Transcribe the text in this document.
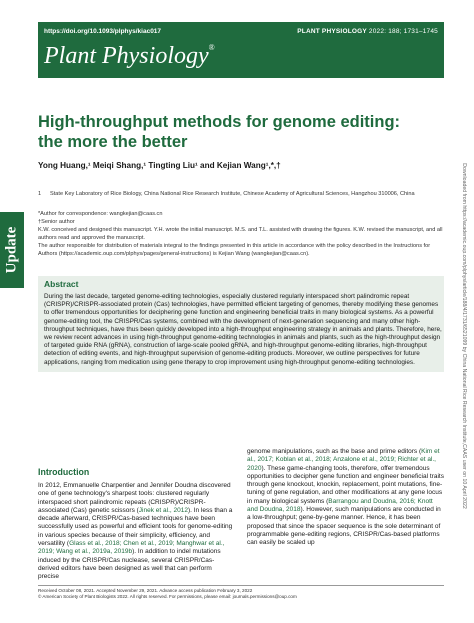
https://doi.org/10.1093/plphys/kiac017	PLANT PHYSIOLOGY 2022: 188; 1731–1745
Plant Physiology®
Update
High-throughput methods for genome editing: the more the better
Yong Huang,¹ Meiqi Shang,¹ Tingting Liu¹ and Kejian Wang¹,*,†
1 State Key Laboratory of Rice Biology, China National Rice Research Institute, Chinese Academy of Agricultural Sciences, Hangzhou 310006, China

*Author for correspondence: wangkejian@caas.cn

†Senior author

K.W. conceived and designed this manuscript. Y.H. wrote the initial manuscript. M.S. and T.L. assisted with drawing the figures. K.W. revised the manuscript, and all authors read and approved the manuscript.

The author responsible for distribution of materials integral to the findings presented in this article in accordance with the policy described in the Instructions for Authors (https://academic.oup.com/plphys/pages/general-instructions) is Kejian Wang (wangkejian@caas.cn).	Downloaded from https://academic.oup.com/plphys/article/188/4/1731/6521099 by China National Rice Research Institute,CAAS user on 10 April 2022
Abstract
During the last decade, targeted genome-editing technologies, especially clustered regularly interspaced short palindromic repeat (CRISPR)/CRISPR-associated protein (Cas) technologies, have permitted efficient targeting of genomes, thereby modifying these genomes to offer tremendous opportunities for deciphering gene function and engineering beneficial traits in many biological systems. As a powerful genome-editing tool, the CRISPR/Cas systems, combined with the development of next-generation sequencing and many other high-throughput techniques, have thus been quickly developed into a high-throughput engineering strategy in animals and plants. Therefore, here, we review recent advances in using high-throughput genome-editing technologies in animals and plants, such as the high-throughput design of targeted guide RNA (gRNA), construction of large-scale pooled gRNA, and high-throughput genome-editing libraries, high-throughput detection of editing events, and high-throughput supervision of genome-editing products. Moreover, we outline perspectives for future applications, ranging from medication using gene therapy to crop improvement using high-throughput genome-editing technologies.
Introduction

In 2012, Emmanuelle Charpentier and Jennifer Doudna discovered one of gene technology's sharpest tools: clustered regularly interspaced short palindromic repeats (CRISPR)/CRISPR-associated (Cas) genetic scissors (Jinek et al., 2012). In less than a decade afterward, CRISPR/Cas-based techniques have been successfully used as powerful and efficient tools for genome-editing in various species because of their simplicity, efficiency, and versatility (Glass et al., 2018; Chen et al., 2019; Manghwar et al., 2019; Wang et al., 2019a, 2019b). In addition to indel mutations induced by the CRISPR/Cas nuclease, several CRISPR/Cas-derived editors have been designed as well that can perform precise

genome manipulations, such as the base and prime editors (Kim et al., 2017; Koblan et al., 2018; Anzalone et al., 2019; Richter et al., 2020). These game-changing tools, therefore, offer tremendous opportunities to decipher gene function and engineer beneficial traits through gene knockout, knockin, replacement, point mutations, fine-tuning of gene regulation, and other modifications at any gene locus in many biological systems (Barrangou and Doudna, 2016; Knott and Doudna, 2018). However, such manipulations are conducted in a low-throughput; gene-by-gene manner. Hence, it has been proposed that since the spacer sequence is the sole determinant of programmable gene-editing regions, CRISPR/Cas-based platforms can easily be scaled up

Received October 08, 2021. Accepted November 29, 2021. Advance access publication February 3, 2022
© American Society of Plant Biologists 2022. All rights reserved. For permissions, please email: journals.permissions@oup.com
